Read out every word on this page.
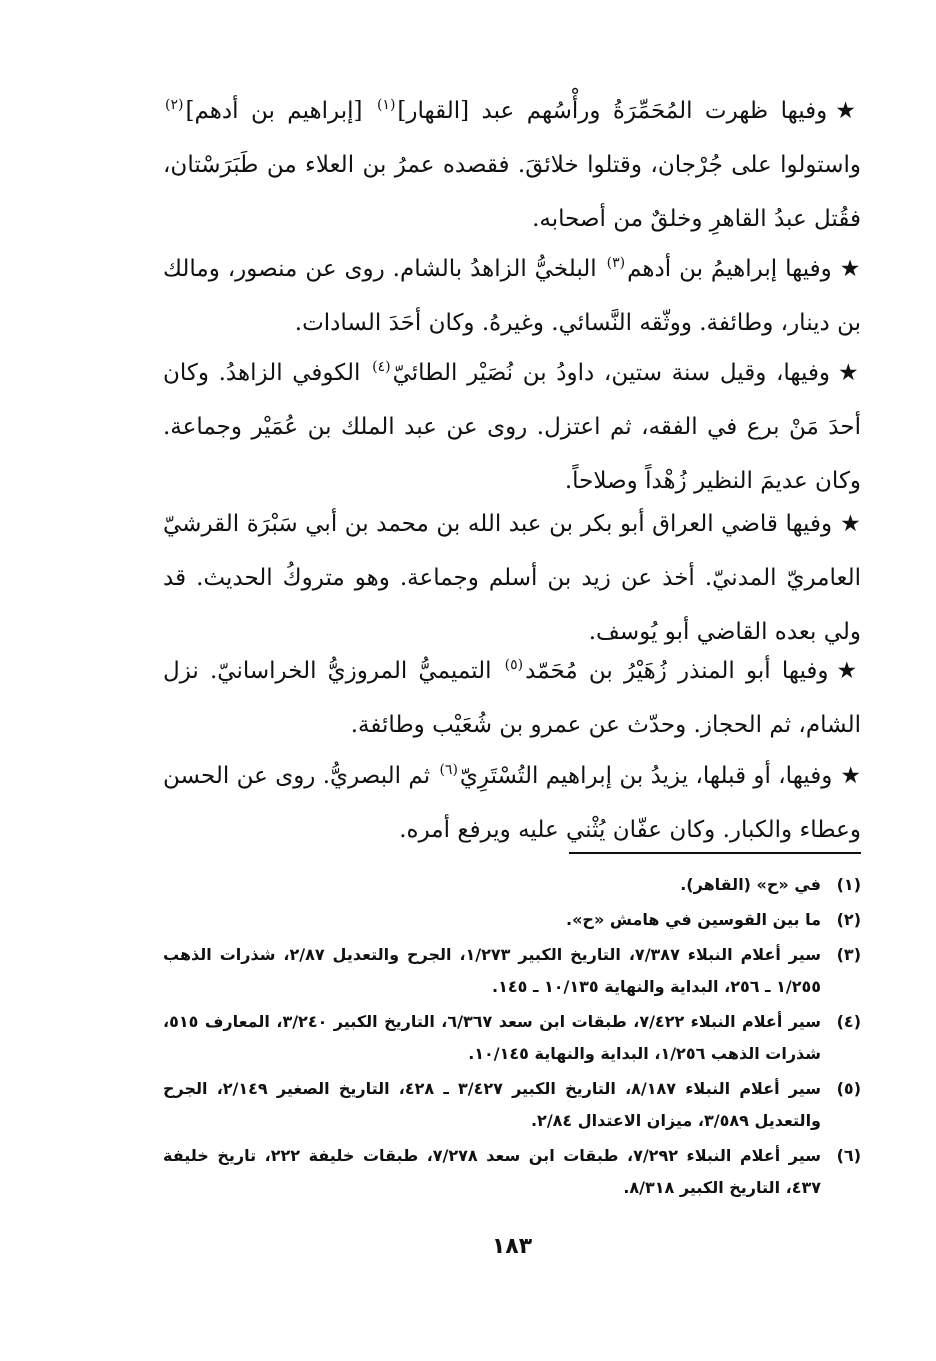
★وفيها ظهرت المُحَمِّرَةُ ورأْسُهم عبد [القهار]$^{(١)}$ [إبراهيم بن أدهم]$^{(٢)}$ واستولوا على جُرْجان، وقتلوا خلائقَ. فقصده عمرُ بن العلاء من طَبَرَسْتان، فقُتل عبدُ القاهرِ وخلقٌ من أصحابه.

★وفيها إبراهيمُ بن أدهم$^{(٣)}$ البلخيُّ الزاهدُ بالشام. روى عن منصور، ومالك بن دينار، وطائفة. ووثّقه النَّسائي. وغيرهُ. وكان أحَدَ السادات.

★وفيها، وقيل سنة ستين، داودُ بن نُصَيْر الطائيّ$^{(٤)}$ الكوفي الزاهدُ. وكان أحدَ مَنْ برع في الفقه، ثم اعتزل. روى عن عبد الملك بن عُمَيْر وجماعة. وكان عديمَ النظير زُهْداً وصلاحاً.

★وفيها قاضي العراق أبو بكر بن عبد الله بن محمد بن أبي سَبْرَة القرشيّ العامريّ المدنيّ. أخذ عن زيد بن أسلم وجماعة. وهو متروكُ الحديث. قد ولي بعده القاضي أبو يُوسف.

★وفيها أبو المنذر زُهَيْرُ بن مُحَمّد$^{(٥)}$ التميميُّ المروزيُّ الخراسانيّ. نزل الشام، ثم الحجاز. وحدّث عن عمرو بن شُعَيْب وطائفة.

★وفيها، أو قبلها، يزيدُ بن إبراهيم التُسْتَرِيّ$^{(٦)}$ ثم البصريُّ. روى عن الحسن وعطاء والكبار. وكان عفّان يُثْني عليه ويرفع أمره.

(١)
في «ح» (القاهر).
(٢)
ما بين القوسين في هامش «ح».
(٣)
سير أعلام النبلاء ٧/٣٨٧، التاريخ الكبير ١/٢٧٣، الجرح والتعديل ٢/٨٧، شذرات الذهب ١/٢٥٥ ـ ٢٥٦، البداية والنهاية ١٠/١٣٥ ـ ١٤٥.
(٤)
سير أعلام النبلاء ٧/٤٢٢، طبقات ابن سعد ٦/٣٦٧، التاريخ الكبير ٣/٢٤٠، المعارف ٥١٥، شذرات الذهب ١/٢٥٦، البداية والنهاية ١٠/١٤٥.
(٥)
سير أعلام النبلاء ٨/١٨٧، التاريخ الكبير ٣/٤٢٧ ـ ٤٢٨، التاريخ الصغير ٢/١٤٩، الجرح والتعديل ٣/٥٨٩، ميزان الاعتدال ٢/٨٤.
(٦)
سير أعلام النبلاء ٧/٢٩٢، طبقات ابن سعد ٧/٢٧٨، طبقات خليفة ٢٢٢، تاريخ خليفة ٤٣٧، التاريخ الكبير ٨/٣١٨.
١٨٣
